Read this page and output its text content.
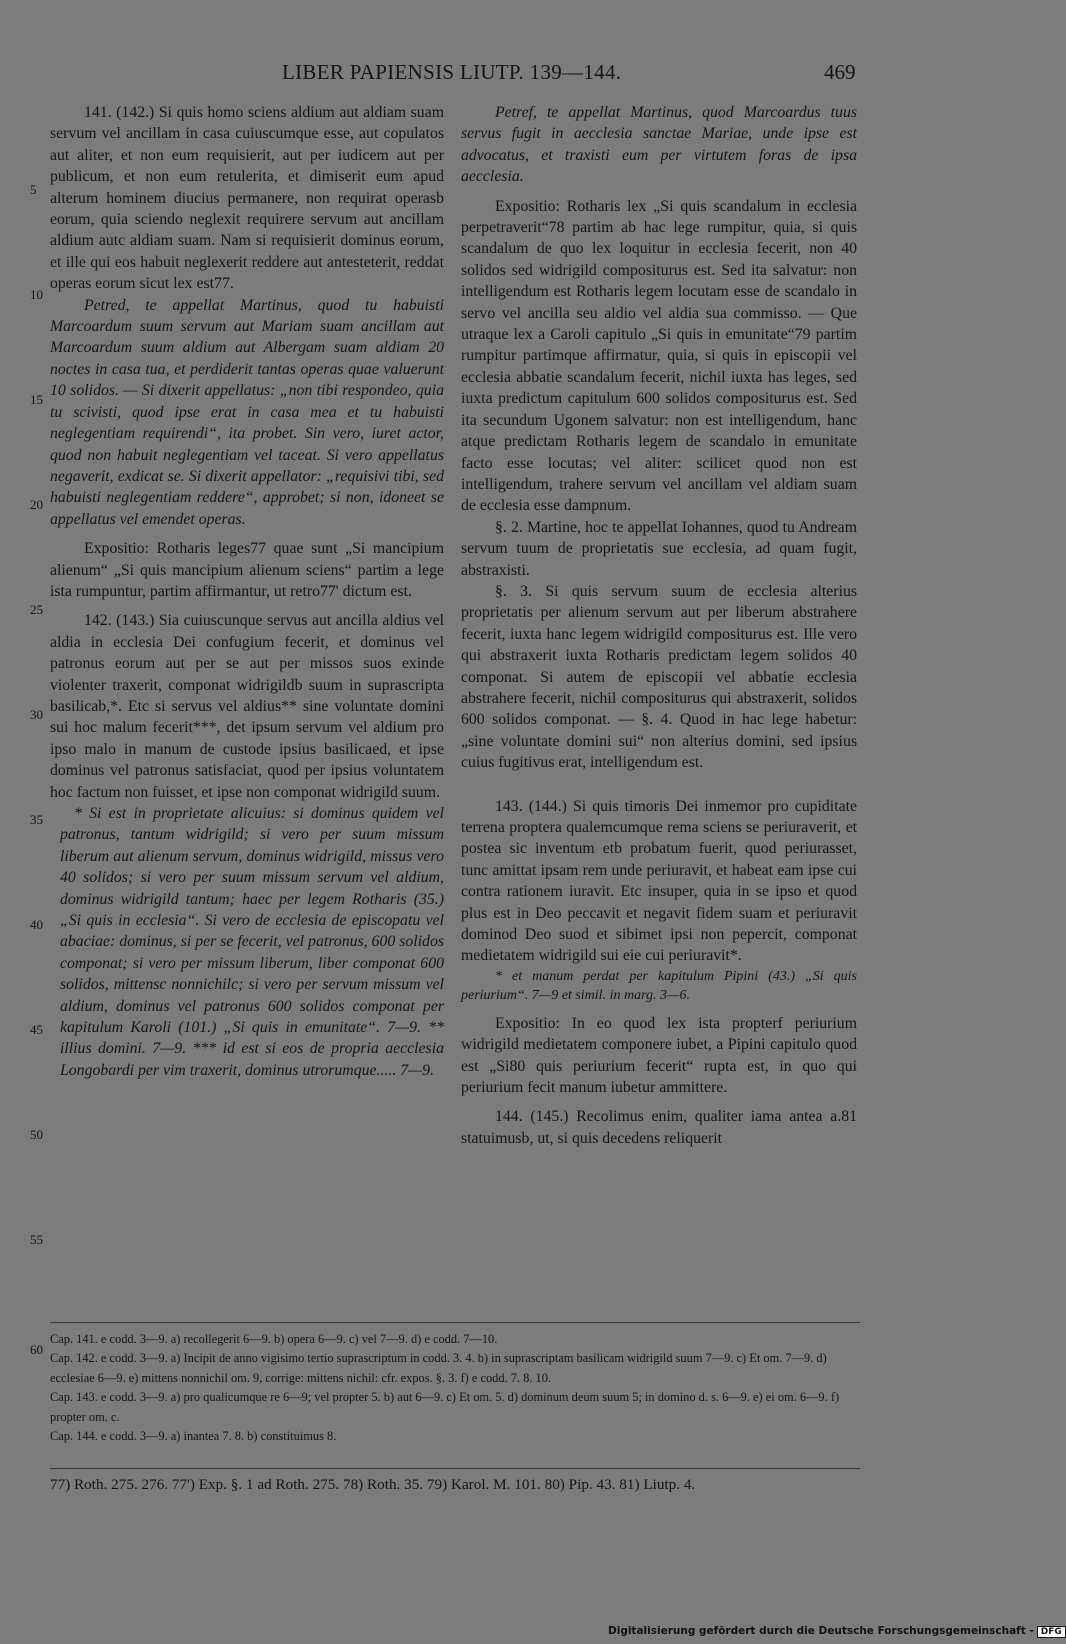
LIBER PAPIENSIS LIUTP. 139—144.	469
5
10
15
20
25
30
35
40
45
50
55
60

141. (142.) Si quis homo sciens aldium aut aldiam suam servum vel ancillam in casa cuiuscumque esse, aut copulatos aut aliter, et non eum requisierit, aut per iudicem aut per publicum, et non eum retulerita, et dimiserit eum apud alterum hominem diucius permanere, non requirat operasb eorum, quia sciendo neglexit requirere servum aut ancillam aldium autc aldiam suam. Nam si requisierit dominus eorum, et ille qui eos habuit neglexerit reddere aut antesteterit, reddat operas eorum sicut lex est77.

Petred, te appellat Martinus, quod tu habuisti Marcoardum suum servum aut Mariam suam ancillam aut Marcoardum suum aldium aut Albergam suam aldiam 20 noctes in casa tua, et perdiderit tantas operas quae valuerunt 10 solidos. — Si dixerit appellatus: „non tibi respondeo, quia tu scivisti, quod ipse erat in casa mea et tu habuisti neglegentiam requirendi“, ita probet. Sin vero, iuret actor, quod non habuit neglegentiam vel taceat. Si vero appellatus negaverit, exdicat se. Si dixerit appellator: „requisivi tibi, sed habuisti neglegentiam reddere“, approbet; si non, idoneet se appellatus vel emendet operas.

Expositio: Rotharis leges77 quae sunt „Si mancipium alienum“ „Si quis mancipium alienum sciens“ partim a lege ista rumpuntur, partim affirmantur, ut retro77' dictum est.

142. (143.) Sia cuiuscunque servus aut ancilla aldius vel aldia in ecclesia Dei confugium fecerit, et dominus vel patronus eorum aut per se aut per missos suos exinde violenter traxerit, componat widrigildb suum in suprascripta basilicab,*. Etc si servus vel aldius** sine voluntate domini sui hoc malum fecerit***, det ipsum servum vel aldium pro ipso malo in manum de custode ipsius basilicaed, et ipse dominus vel patronus satisfaciat, quod per ipsius voluntatem hoc factum non fuisset, et ipse non componat widrigild suum.

* Si est in proprietate alicuius: si dominus quidem vel patronus, tantum widrigild; si vero per suum missum liberum aut alienum servum, dominus widrigild, missus vero 40 solidos; si vero per suum missum servum vel aldium, dominus widrigild tantum; haec per legem Rotharis (35.) „Si quis in ecclesia“. Si vero de ecclesia de episcopatu vel abaciae: dominus, si per se fecerit, vel patronus, 600 solidos componat; si vero per missum liberum, liber componat 600 solidos, mittensc nonnichilc; si vero per servum missum vel aldium, dominus vel patronus 600 solidos componat per kapitulum Karoli (101.) „Si quis in emunitate“. 7—9. ** illius domini. 7—9. *** id est si eos de propria aecclesia Longobardi per vim traxerit, dominus utrorumque..... 7—9.

Petref, te appellat Martinus, quod Marcoardus tuus servus fugit in aecclesia sanctae Mariae, unde ipse est advocatus, et traxisti eum per virtutem foras de ipsa aecclesia.

Expositio: Rotharis lex „Si quis scandalum in ecclesia perpetraverit“78 partim ab hac lege rumpitur, quia, si quis scandalum de quo lex loquitur in ecclesia fecerit, non 40 solidos sed widrigild compositurus est. Sed ita salvatur: non intelligendum est Rotharis legem locutam esse de scandalo in servo vel ancilla seu aldio vel aldia sua commisso. — Que utraque lex a Caroli capitulo „Si quis in emunitate“79 partim rumpitur partimque affirmatur, quia, si quis in episcopii vel ecclesia abbatie scandalum fecerit, nichil iuxta has leges, sed iuxta predictum capitulum 600 solidos compositurus est. Sed ita secundum Ugonem salvatur: non est intelligendum, hanc atque predictam Rotharis legem de scandalo in emunitate facto esse locutas; vel aliter: scilicet quod non est intelligendum, trahere servum vel ancillam vel aldiam suam de ecclesia esse dampnum.

§. 2. Martine, hoc te appellat Iohannes, quod tu Andream servum tuum de proprietatis sue ecclesia, ad quam fugit, abstraxisti.

§. 3. Si quis servum suum de ecclesia alterius proprietatis per alienum servum aut per liberum abstrahere fecerit, iuxta hanc legem widrigild compositurus est. Ille vero qui abstraxerit iuxta Rotharis predictam legem solidos 40 componat. Si autem de episcopii vel abbatie ecclesia abstrahere fecerit, nichil compositurus qui abstraxerit, solidos 600 solidos componat. — §. 4. Quod in hac lege habetur: „sine voluntate domini sui“ non alterius domini, sed ipsius cuius fugitivus erat, intelligendum est.

143. (144.) Si quis timoris Dei inmemor pro cupiditate terrena proptera qualemcumque rema sciens se periuraverit, et postea sic inventum etb probatum fuerit, quod periurasset, tunc amittat ipsam rem unde periuravit, et habeat eam ipse cui contra rationem iuravit. Etc insuper, quia in se ipso et quod plus est in Deo peccavit et negavit fidem suam et periuravit dominod Deo suod et sibimet ipsi non pepercit, componat medietatem widrigild sui eie cui periuravit*.

* et manum perdat per kapitulum Pipini (43.) „Si quis periurium“. 7—9 et simil. in marg. 3—6.

Expositio: In eo quod lex ista propterf periurium widrigild medietatem componere iubet, a Pipini capitulo quod est „Si80 quis periurium fecerit“ rupta est, in quo qui periurium fecit manum iubetur ammittere.

144. (145.) Recolimus enim, qualiter iama antea a.81 statuimusb, ut, si quis decedens reliquerit

Cap. 141. e codd. 3—9. a) recollegerit 6—9. b) opera 6—9. c) vel 7—9. d) e codd. 7—10.

Cap. 142. e codd. 3—9. a) Incipit de anno vigisimo tertio suprascriptum in codd. 3. 4. b) in suprascriptam basilicam widrigild suum 7—9. c) Et om. 7—9. d) ecclesiae 6—9. e) mittens nonnichil om. 9, corrige: mittens nichil: cfr. expos. §. 3. f) e codd. 7. 8. 10.

Cap. 143. e codd. 3—9. a) pro qualicumque re 6—9; vel propter 5. b) aut 6—9. c) Et om. 5. d) dominum deum suum 5; in domino d. s. 6—9. e) ei om. 6—9. f) propter om. c.

Cap. 144. e codd. 3—9. a) inantea 7. 8. b) constituimus 8.

77) Roth. 275. 276. 77') Exp. §. 1 ad Roth. 275. 78) Roth. 35. 79) Karol. M. 101. 80) Pip. 43. 81) Liutp. 4.
Digitalisierung gefördert durch die Deutsche Forschungsgemeinschaft - DFG
